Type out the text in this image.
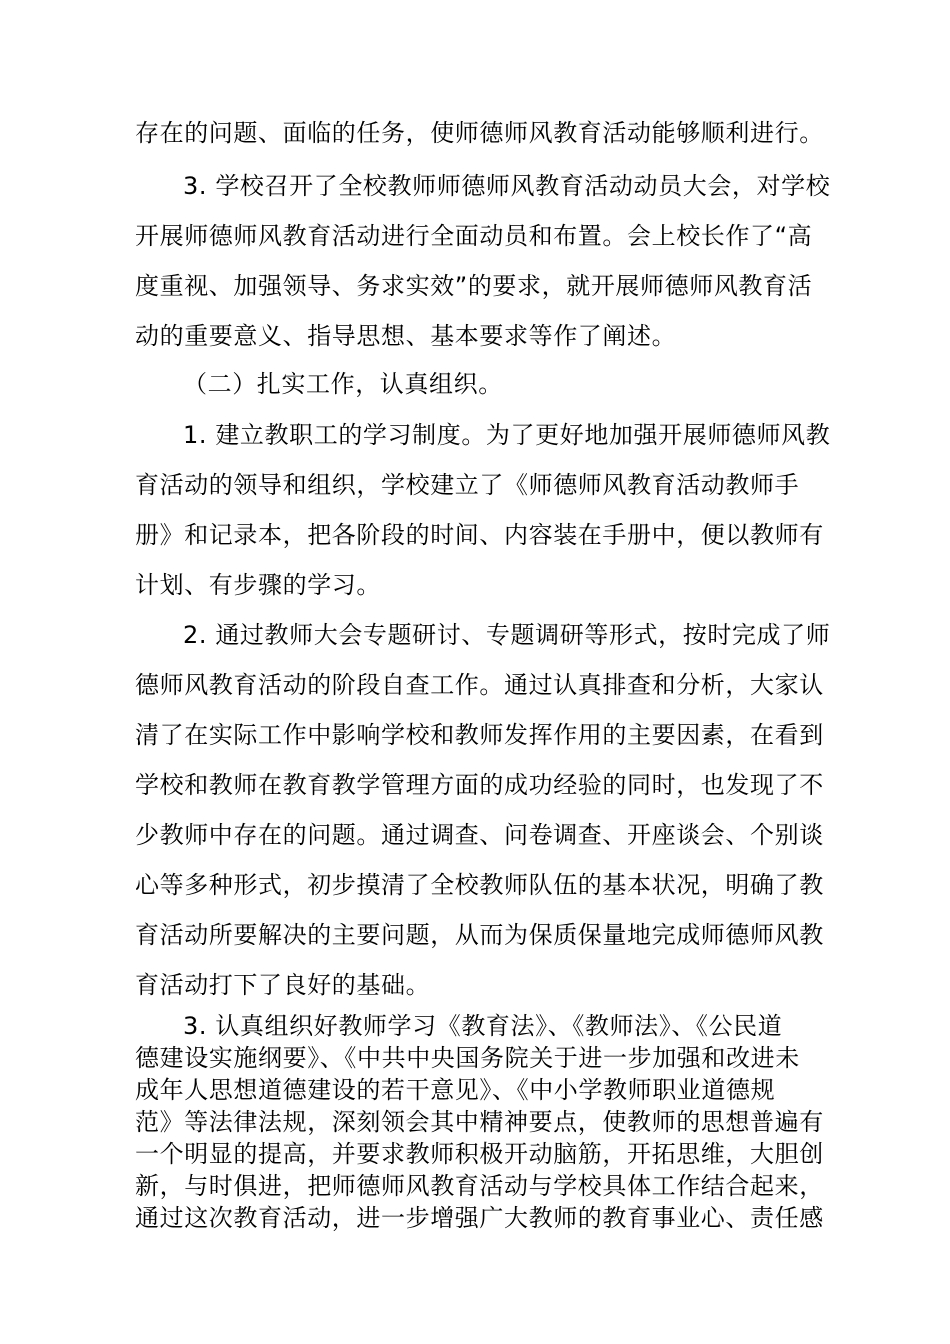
存在的问题、面临的任务，使师德师风教育活动能够顺利进行。
3. 学校召开了全校教师师德师风教育活动动员大会，对学校
开展师德师风教育活动进行全面动员和布置。会上校长作了“高
度重视、加强领导、务求实效”的要求，就开展师德师风教育活
动的重要意义、指导思想、基本要求等作了阐述。
（二）扎实工作，认真组织。
1. 建立教职工的学习制度。为了更好地加强开展师德师风教
育活动的领导和组织，学校建立了《师德师风教育活动教师手
册》和记录本，把各阶段的时间、内容装在手册中，便以教师有
计划、有步骤的学习。
2. 通过教师大会专题研讨、专题调研等形式，按时完成了师
德师风教育活动的阶段自查工作。通过认真排查和分析，大家认
清了在实际工作中影响学校和教师发挥作用的主要因素，在看到
学校和教师在教育教学管理方面的成功经验的同时，也发现了不
少教师中存在的问题。通过调查、问卷调查、开座谈会、个别谈
心等多种形式，初步摸清了全校教师队伍的基本状况，明确了教
育活动所要解决的主要问题，从而为保质保量地完成师德师风教
育活动打下了良好的基础。
3. 认真组织好教师学习《教育法》、《教师法》、《公民道
德建设实施纲要》、《中共中央国务院关于进一步加强和改进未
成年人思想道德建设的若干意见》、《中小学教师职业道德规
范》等法律法规，深刻领会其中精神要点，使教师的思想普遍有
一个明显的提高，并要求教师积极开动脑筋，开拓思维，大胆创
新，与时俱进，把师德师风教育活动与学校具体工作结合起来，
通过这次教育活动，进一步增强广大教师的教育事业心、责任感
